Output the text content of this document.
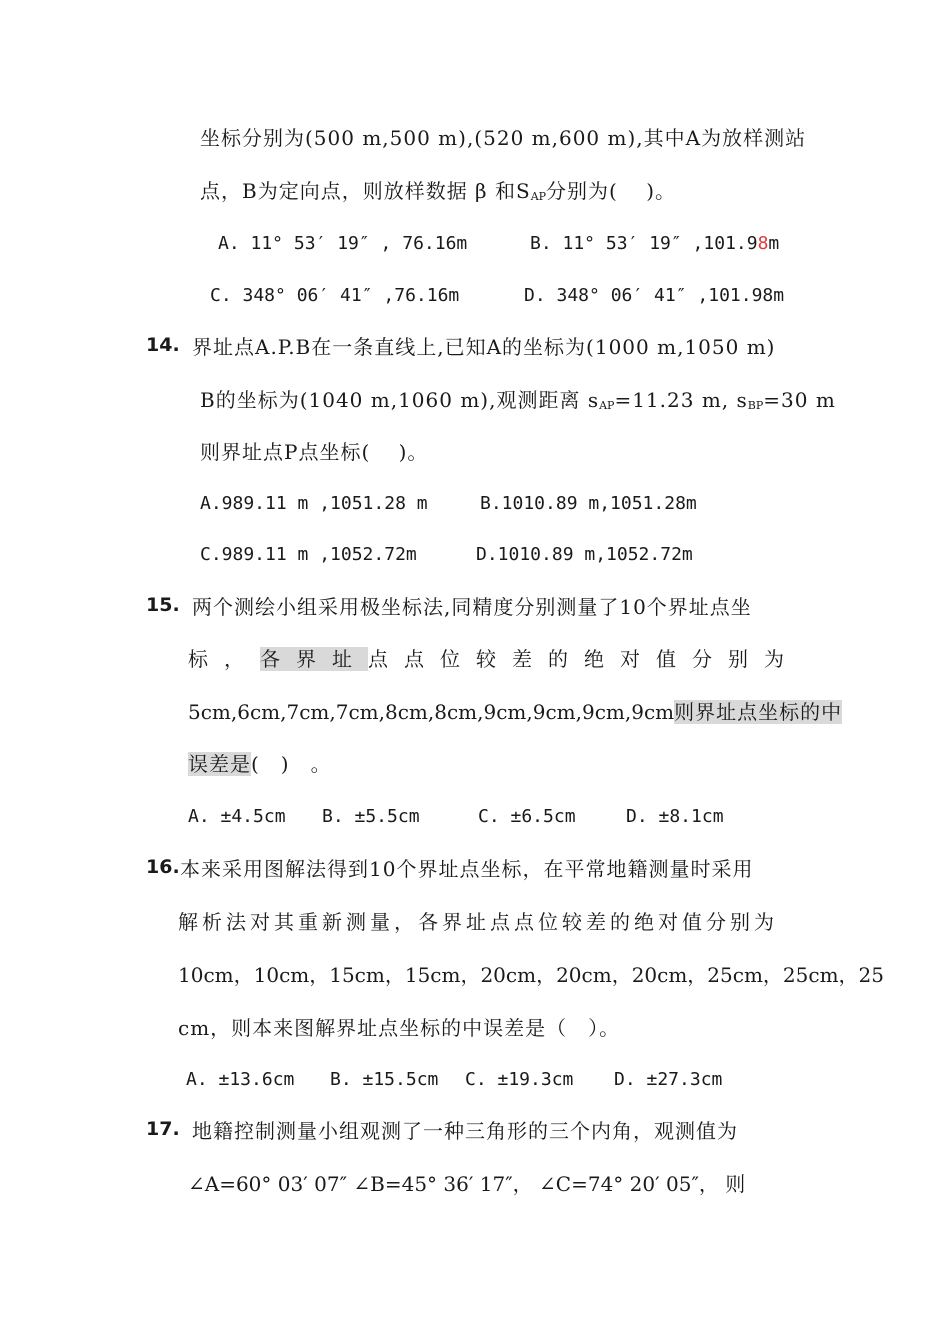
坐标分别为(500 m,500 m),(520 m,600 m),其中A为放样测站
点，B为定向点，则放样数据 β 和SAP分别为(　 )。
A. 11° 53′ 19″ , 76.16m	B. 11° 53′ 19″ ,101.98m
C. 348° 06′ 41″ ,76.16m	D. 348° 06′ 41″ ,101.98m
14. 界址点A.P.B在一条直线上,已知A的坐标为(1000 m,1050 m)
B的坐标为(1040 m,1060 m),观测距离 sAP=11.23 m, sBP=30 m
则界址点P点坐标(　 )。
A.989.11 m ,1051.28 m	B.1010.89 m,1051.28m
C.989.11 m ,1052.72m	D.1010.89 m,1052.72m
15. 两个测绘小组采用极坐标法,同精度分别测量了10个界址点坐
标，各界址点点位较差的绝对值分别为
5cm,6cm,7cm,7cm,8cm,8cm,9cm,9cm,9cm,9cm则界址点坐标的中
误差是(　)　。
A. ±4.5cm B. ±5.5cm	C. ±6.5cm	D. ±8.1cm
16. 本来采用图解法得到10个界址点坐标，在平常地籍测量时采用
解析法对其重新测量，各界址点点位较差的绝对值分别为
10cm，10cm，15cm，15cm，20cm，20cm，20cm，25cm，25cm，25
cm，则本来图解界址点坐标的中误差是（　）。
A. ±13.6cm B. ±15.5cm C. ±19.3cm D. ±27.3cm
17. 地籍控制测量小组观测了一种三角形的三个内角，观测值为
∠A=60° 03′ 07″ ∠B=45° 36′ 17″， ∠C=74° 20′ 05″， 则
